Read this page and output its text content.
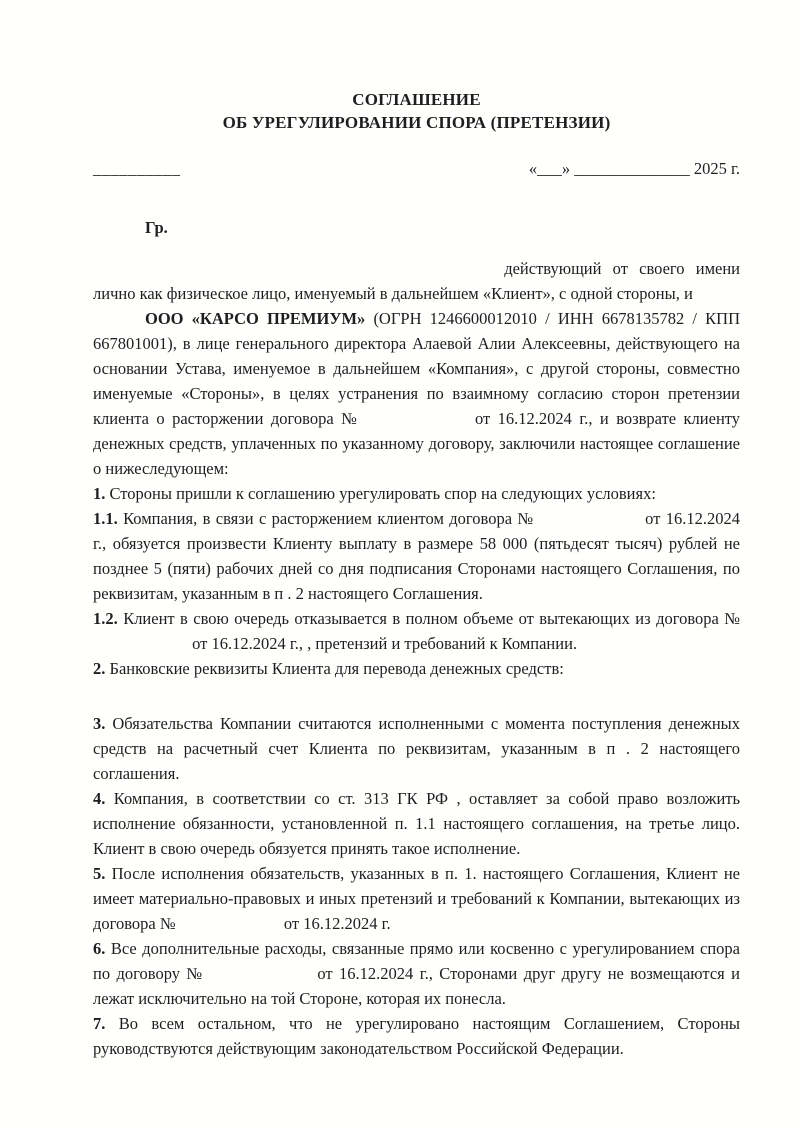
СОГЛАШЕНИЕ
ОБ УРЕГУЛИРОВАНИИ СПОРА (ПРЕТЕНЗИИ)
__________	«___» ______________ 2025 г.

Гр.

действующий от своего имени лично как физическое лицо, именуемый в дальнейшем «Клиент», с одной стороны, и

ООО «КАРСО ПРЕМИУМ» (ОГРН 1246600012010 / ИНН 6678135782 / КПП 667801001), в лице генерального директора Алаевой Алии Алексеевны, действующего на основании Устава, именуемое в дальнейшем «Компания», с другой стороны, совместно именуемые «Стороны», в целях устранения по взаимному согласию сторон претензии клиента о расторжении договора №	от 16.12.2024 г., и возврате клиенту денежных средств, уплаченных по указанному договору, заключили настоящее соглашение о нижеследующем:

1. Стороны пришли к соглашению урегулировать спор на следующих условиях:

1.1. Компания, в связи с расторжением клиентом договора №	от 16.12.2024 г., обязуется произвести Клиенту выплату в размере 58 000 (пятьдесят тысяч) рублей не позднее 5 (пяти) рабочих дней со дня подписания Сторонами настоящего Соглашения, по реквизитам, указанным в п . 2 настоящего Соглашения.

1.2. Клиент в свою очередь отказывается в полном объеме от вытекающих из договора №  от 16.12.2024 г., , претензий и требований к Компании.

2. Банковские реквизиты Клиента для перевода денежных средств:

3. Обязательства Компании считаются исполненными с момента поступления денежных средств на расчетный счет Клиента по реквизитам, указанным в п . 2 настоящего соглашения.

4. Компания, в соответствии со ст. 313 ГК РФ , оставляет за собой право возложить исполнение обязанности, установленной п. 1.1 настоящего соглашения, на третье лицо. Клиент в свою очередь обязуется принять такое исполнение.

5. После исполнения обязательств, указанных в п. 1. настоящего Соглашения, Клиент не имеет материально-правовых и иных претензий и требований к Компании, вытекающих из договора №	от 16.12.2024 г.

6. Все дополнительные расходы, связанные прямо или косвенно с урегулированием спора по договору №	от 16.12.2024 г., Сторонами друг другу не возмещаются и лежат исключительно на той Стороне, которая их понесла.

7. Во всем остальном, что не урегулировано настоящим Соглашением, Стороны руководствуются действующим законодательством Российской Федерации.
